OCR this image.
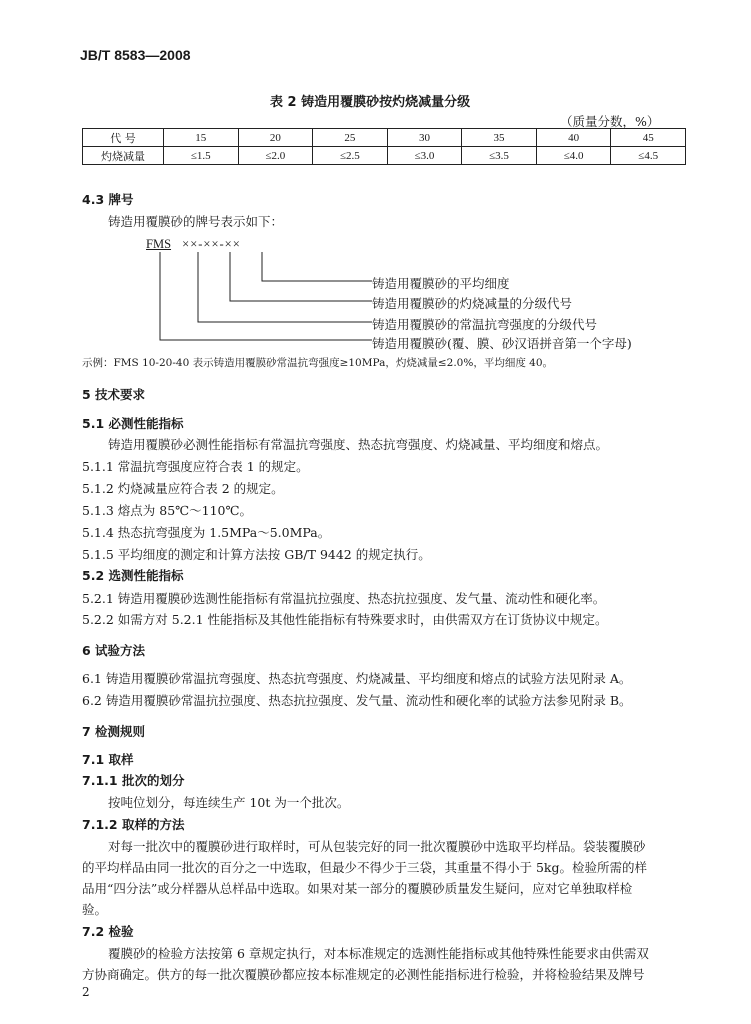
JB/T 8583—2008
表 2 铸造用覆膜砂按灼烧减量分级
（质量分数，%）
代 号	15	20	25	30	35	40	45
灼烧减量	≤1.5	≤2.0	≤2.5	≤3.0	≤3.5	≤4.0	≤4.5
4.3 牌号
铸造用覆膜砂的牌号表示如下：
FMS ××-××-××
铸造用覆膜砂的平均细度
铸造用覆膜砂的灼烧减量的分级代号
铸造用覆膜砂的常温抗弯强度的分级代号
铸造用覆膜砂(覆、膜、砂汉语拼音第一个字母)
示例：FMS 10-20-40 表示铸造用覆膜砂常温抗弯强度≥10MPa，灼烧减量≤2.0%，平均细度 40。
5 技术要求
5.1 必测性能指标
铸造用覆膜砂必测性能指标有常温抗弯强度、热态抗弯强度、灼烧减量、平均细度和熔点。
5.1.1 常温抗弯强度应符合表 1 的规定。
5.1.2 灼烧减量应符合表 2 的规定。
5.1.3 熔点为 85℃～110℃。
5.1.4 热态抗弯强度为 1.5MPa～5.0MPa。
5.1.5 平均细度的测定和计算方法按 GB/T 9442 的规定执行。
5.2 选测性能指标
5.2.1 铸造用覆膜砂选测性能指标有常温抗拉强度、热态抗拉强度、发气量、流动性和硬化率。
5.2.2 如需方对 5.2.1 性能指标及其他性能指标有特殊要求时，由供需双方在订货协议中规定。
6 试验方法
6.1 铸造用覆膜砂常温抗弯强度、热态抗弯强度、灼烧减量、平均细度和熔点的试验方法见附录 A。
6.2 铸造用覆膜砂常温抗拉强度、热态抗拉强度、发气量、流动性和硬化率的试验方法参见附录 B。
7 检测规则
7.1 取样
7.1.1 批次的划分
按吨位划分，每连续生产 10t 为一个批次。
7.1.2 取样的方法
对每一批次中的覆膜砂进行取样时，可从包装完好的同一批次覆膜砂中选取平均样品。袋装覆膜砂
的平均样品由同一批次的百分之一中选取，但最少不得少于三袋，其重量不得小于 5kg。检验所需的样
品用“四分法”或分样器从总样品中选取。如果对某一部分的覆膜砂质量发生疑问，应对它单独取样检
验。
7.2 检验
覆膜砂的检验方法按第 6 章规定执行，对本标准规定的选测性能指标或其他特殊性能要求由供需双
方协商确定。供方的每一批次覆膜砂都应按本标准规定的必测性能指标进行检验，并将检验结果及牌号
2
